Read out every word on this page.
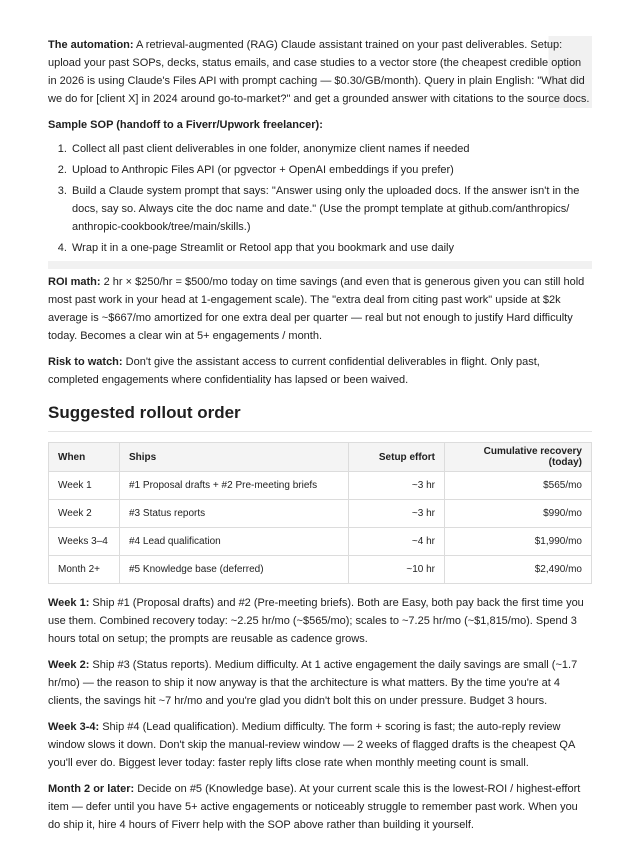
The automation: A retrieval-augmented (RAG) Claude assistant trained on your past deliverables. Setup: upload your past SOPs, decks, status emails, and case studies to a vector store (the cheapest credible option in 2026 is using Claude's Files API with prompt caching — $0.30/GB/month). Query in plain English: "What did we do for [client X] in 2024 around go-to-market?" and get a grounded answer with citations to the source docs.

Sample SOP (handoff to a Fiverr/Upwork freelancer):

1. Collect all past client deliverables in one folder, anonymize client names if needed
2. Upload to Anthropic Files API (or pgvector + OpenAI embeddings if you prefer)
3. Build a Claude system prompt that says: "Answer using only the uploaded docs. If the answer isn't in the docs, say so. Always cite the doc name and date." (Use the prompt template at github.com/anthropics/ anthropic-cookbook/tree/main/skills.)
4. Wrap it in a one-page Streamlit or Retool app that you bookmark and use daily

ROI math: 2 hr × $250/hr = $500/mo today on time savings (and even that is generous given you can still hold most past work in your head at 1-engagement scale). The "extra deal from citing past work" upside at $2k average is ~$667/mo amortized for one extra deal per quarter — real but not enough to justify Hard difficulty today. Becomes a clear win at 5+ engagements / month.

Risk to watch: Don't give the assistant access to current confidential deliverables in flight. Only past, completed engagements where confidentiality has lapsed or been waived.

Suggested rollout order
When	Ships	Setup effort	Cumulative recovery (today)
Week 1	#1 Proposal drafts + #2 Pre-meeting briefs	~3 hr	$565/mo
Week 2	#3 Status reports	~3 hr	$990/mo
Weeks 3–4	#4 Lead qualification	~4 hr	$1,990/mo
Month 2+	#5 Knowledge base (deferred)	~10 hr	$2,490/mo

Week 1: Ship #1 (Proposal drafts) and #2 (Pre-meeting briefs). Both are Easy, both pay back the first time you use them. Combined recovery today: ~2.25 hr/mo (~$565/mo); scales to ~7.25 hr/mo (~$1,815/mo). Spend 3 hours total on setup; the prompts are reusable as cadence grows.

Week 2: Ship #3 (Status reports). Medium difficulty. At 1 active engagement the daily savings are small (~1.7 hr/mo) — the reason to ship it now anyway is that the architecture is what matters. By the time you're at 4 clients, the savings hit ~7 hr/mo and you're glad you didn't bolt this on under pressure. Budget 3 hours.

Week 3-4: Ship #4 (Lead qualification). Medium difficulty. The form + scoring is fast; the auto-reply review window slows it down. Don't skip the manual-review window — 2 weeks of flagged drafts is the cheapest QA you'll ever do. Biggest lever today: faster reply lifts close rate when monthly meeting count is small.

Month 2 or later: Decide on #5 (Knowledge base). At your current scale this is the lowest-ROI / highest-effort item — defer until you have 5+ active engagements or noticeably struggle to remember past work. When you do ship it, hire 4 hours of Fiverr help with the SOP above rather than building it yourself.
